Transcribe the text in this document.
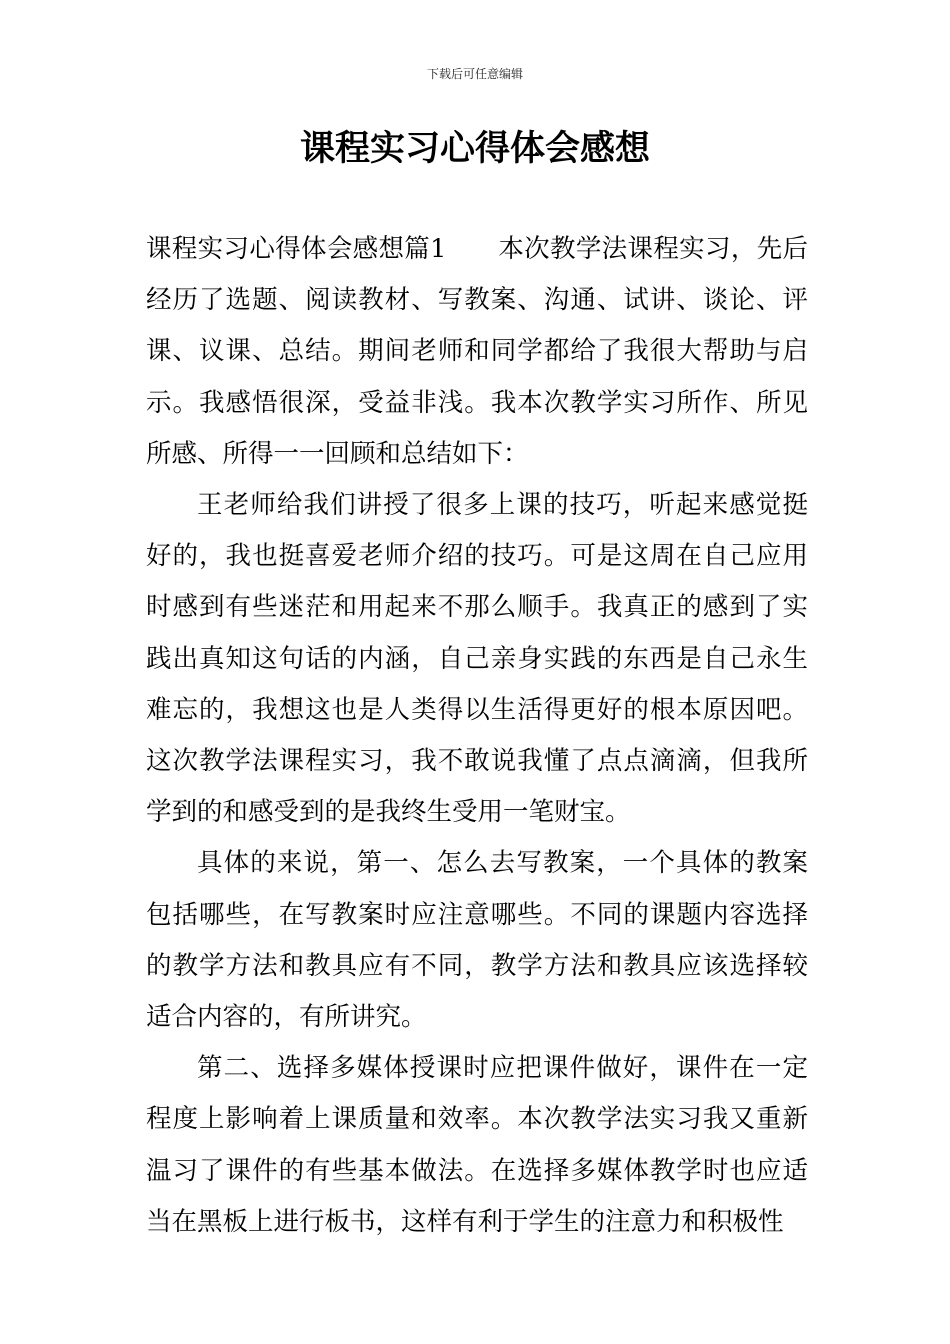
下载后可任意编辑
课程实习心得体会感想

课程实习心得体会感想篇1　　本次教学法课程实习，先后经历了选题、阅读教材、写教案、沟通、试讲、谈论、评课、议课、总结。期间老师和同学都给了我很大帮助与启示。我感悟很深，受益非浅。我本次教学实习所作、所见所感、所得一一回顾和总结如下：

王老师给我们讲授了很多上课的技巧，听起来感觉挺好的，我也挺喜爱老师介绍的技巧。可是这周在自己应用时感到有些迷茫和用起来不那么顺手。我真正的感到了实践出真知这句话的内涵，自己亲身实践的东西是自己永生难忘的，我想这也是人类得以生活得更好的根本原因吧。这次教学法课程实习，我不敢说我懂了点点滴滴，但我所学到的和感受到的是我终生受用一笔财宝。

具体的来说，第一、怎么去写教案，一个具体的教案包括哪些，在写教案时应注意哪些。不同的课题内容选择的教学方法和教具应有不同，教学方法和教具应该选择较适合内容的，有所讲究。

第二、选择多媒体授课时应把课件做好，课件在一定程度上影响着上课质量和效率。本次教学法实习我又重新温习了课件的有些基本做法。在选择多媒体教学时也应适当在黑板上进行板书，这样有利于学生的注意力和积极性
